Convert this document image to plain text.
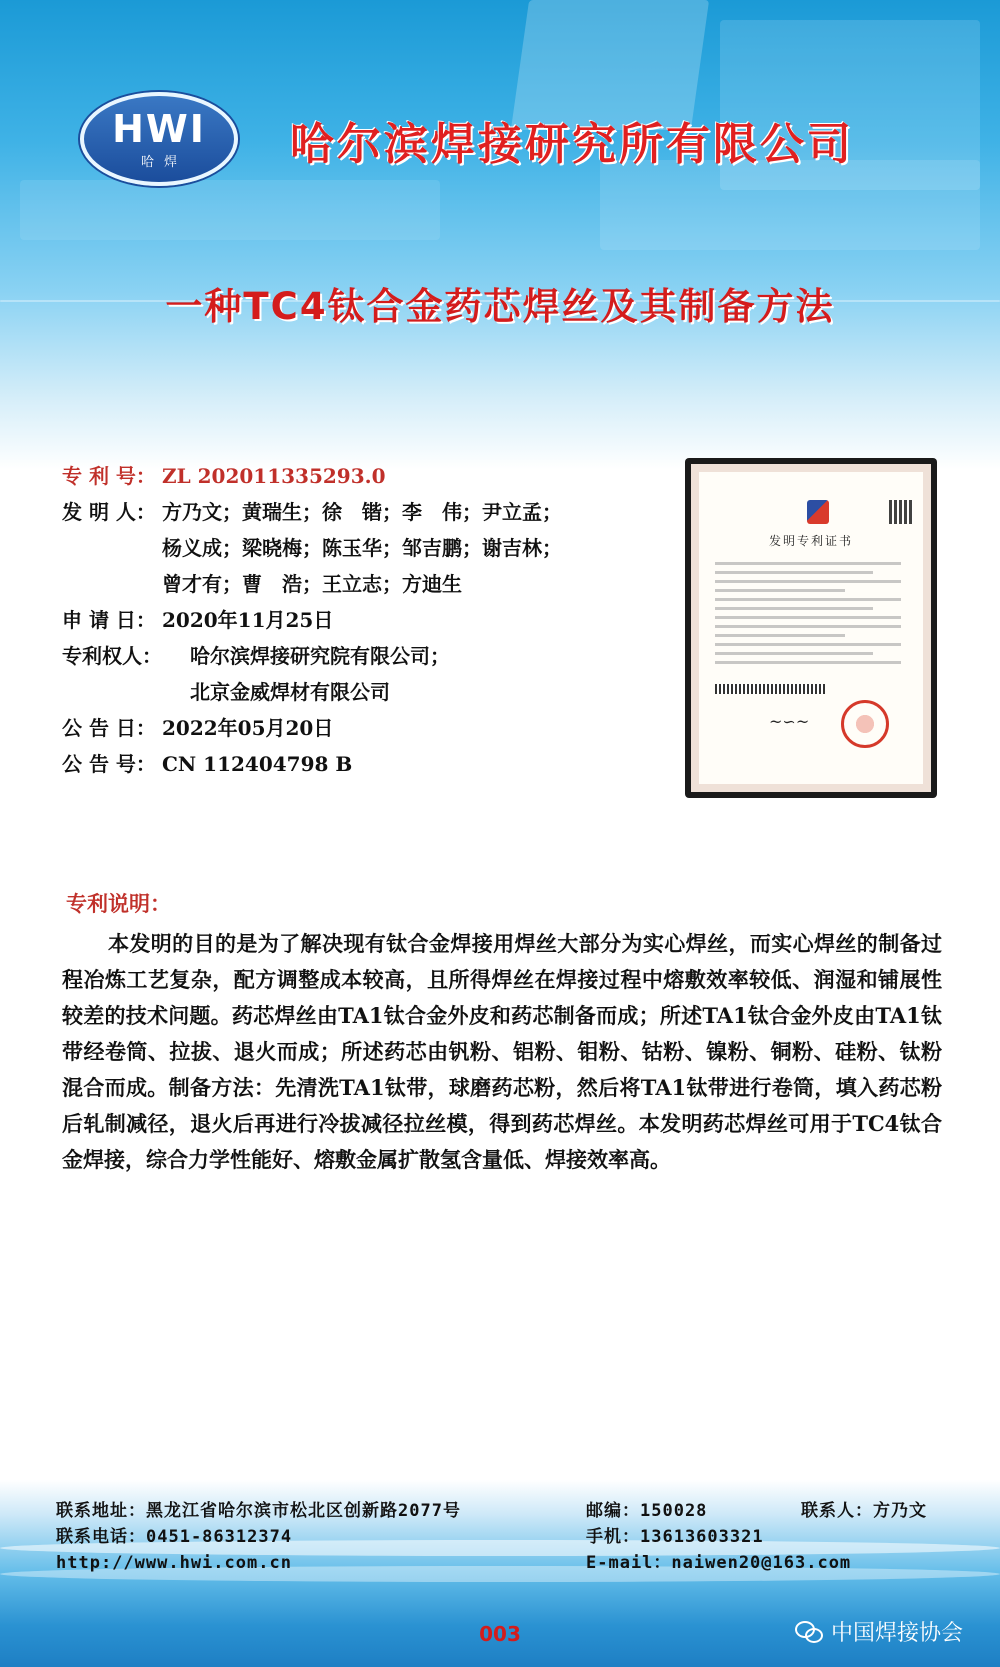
HWI
哈焊 哈尔滨焊接研究所有限公司
一种TC4钛合金药芯焊丝及其制备方法
专 利 号： ZL 202011335293.0
发 明 人： 方乃文；黄瑞生；徐　锴；李　伟；尹立孟；
杨义成；梁晓梅；陈玉华；邹吉鹏；谢吉林；
曾才有；曹　浩；王立志；方迪生
申 请 日： 2020年11月25日
专利权人：	哈尔滨焊接研究院有限公司；
北京金威焊材有限公司
公 告 日： 2022年05月20日
公 告 号： CN 112404798 B
发明专利证书
~∽~
专利说明：
本发明的目的是为了解决现有钛合金焊接用焊丝大部分为实心焊丝，而实心焊丝的制备过程冶炼工艺复杂，配方调整成本较高，且所得焊丝在焊接过程中熔敷效率较低、润湿和铺展性较差的技术问题。药芯焊丝由TA1钛合金外皮和药芯制备而成；所述TA1钛合金外皮由TA1钛带经卷筒、拉拔、退火而成；所述药芯由钒粉、铝粉、钼粉、钴粉、镍粉、铜粉、硅粉、钛粉混合而成。制备方法：先清洗TA1钛带，球磨药芯粉，然后将TA1钛带进行卷筒，填入药芯粉后轧制减径，退火后再进行冷拔减径拉丝模，得到药芯焊丝。本发明药芯焊丝可用于TC4钛合金焊接，综合力学性能好、熔敷金属扩散氢含量低、焊接效率高。
联系地址：黑龙江省哈尔滨市松北区创新路2077号	邮编：150028	联系人：方乃文
联系电话：0451-86312374	手机：13613603321
http://www.hwi.com.cn	E-mail：naiwen20@163.com
003	中国焊接协会
